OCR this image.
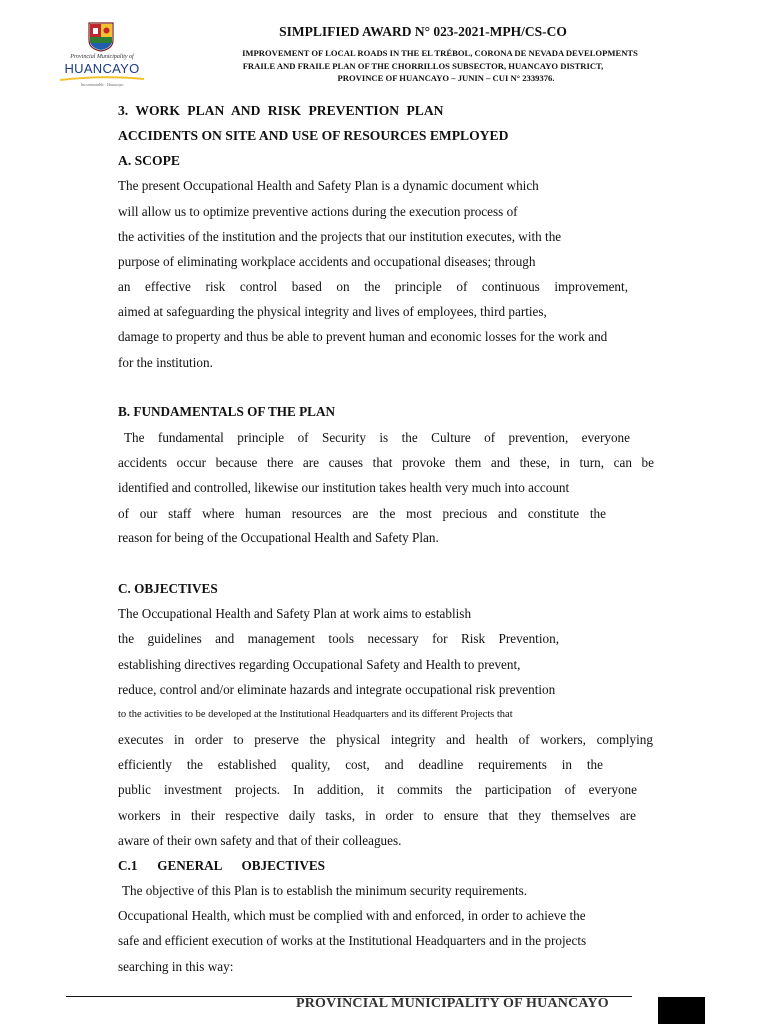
Provincial Municipality of
HUANCAYO
Incontrastable · Huancayo
SIMPLIFIED AWARD N° 023-2021-MPH/CS-CO
IMPROVEMENT OF LOCAL ROADS IN THE EL TRÉBOL, CORONA DE NEVADA DEVELOPMENTS
FRAILE AND FRAILE PLAN OF THE CHORRILLOS SUBSECTOR, HUANCAYO DISTRICT,
PROVINCE OF HUANCAYO – JUNIN – CUI N° 2339376.
3. WORK PLAN AND RISK PREVENTION PLAN
ACCIDENTS ON SITE AND USE OF RESOURCES EMPLOYED
A. SCOPE
The present Occupational Health and Safety Plan is a dynamic document which
will allow us to optimize preventive actions during the execution process of
the activities of the institution and the projects that our institution executes, with the
purpose of eliminating workplace accidents and occupational diseases; through
an effective risk control based on the principle of continuous improvement,
aimed at safeguarding the physical integrity and lives of employees, third parties,
damage to property and thus be able to prevent human and economic losses for the work and
for the institution.
B. FUNDAMENTALS OF THE PLAN
The fundamental principle of Security is the Culture of prevention, everyone
accidents occur because there are causes that provoke them and these, in turn, can be
identified and controlled, likewise our institution takes health very much into account
of our staff where human resources are the most precious and constitute the
reason for being of the Occupational Health and Safety Plan.
C. OBJECTIVES
The Occupational Health and Safety Plan at work aims to establish
the guidelines and management tools necessary for Risk Prevention,
establishing directives regarding Occupational Safety and Health to prevent,
reduce, control and/or eliminate hazards and integrate occupational risk prevention
to the activities to be developed at the Institutional Headquarters and its different Projects that
executes in order to preserve the physical integrity and health of workers, complying
efficiently the established quality, cost, and deadline requirements in the
public investment projects. In addition, it commits the participation of everyone
workers in their respective daily tasks, in order to ensure that they themselves are
aware of their own safety and that of their colleagues.
C.1      GENERAL      OBJECTIVES
The objective of this Plan is to establish the minimum security requirements.
Occupational Health, which must be complied with and enforced, in order to achieve the
safe and efficient execution of works at the Institutional Headquarters and in the projects
searching in this way:
PROVINCIAL MUNICIPALITY OF HUANCAYO
